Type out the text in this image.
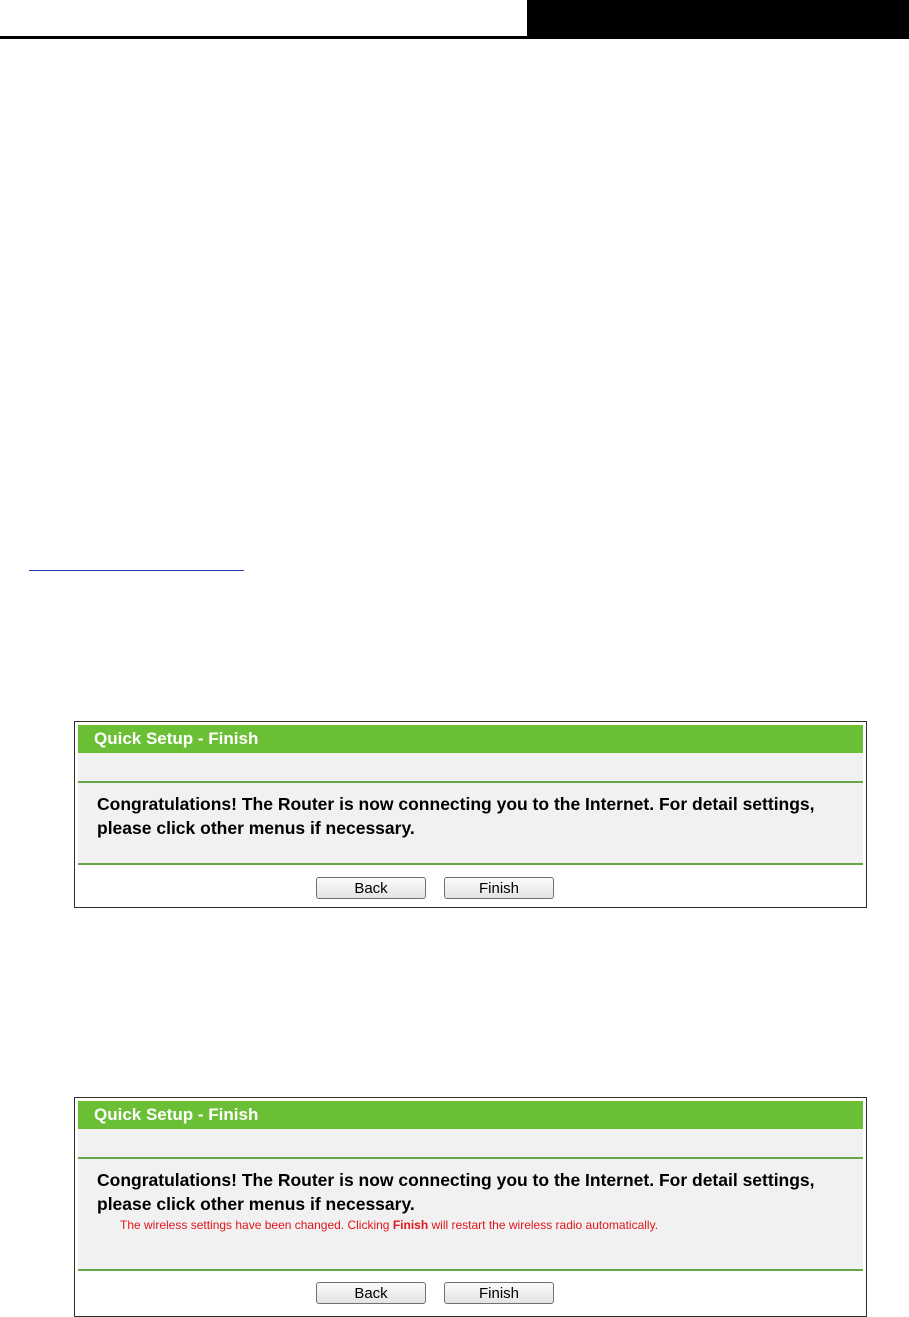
Quick Setup - Finish
Congratulations! The Router is now connecting you to the Internet. For detail settings, please click other menus if necessary.
Back	Finish
Quick Setup - Finish
Congratulations! The Router is now connecting you to the Internet. For detail settings, please click other menus if necessary.
The wireless settings have been changed. Clicking Finish will restart the wireless radio automatically.
Back	Finish
